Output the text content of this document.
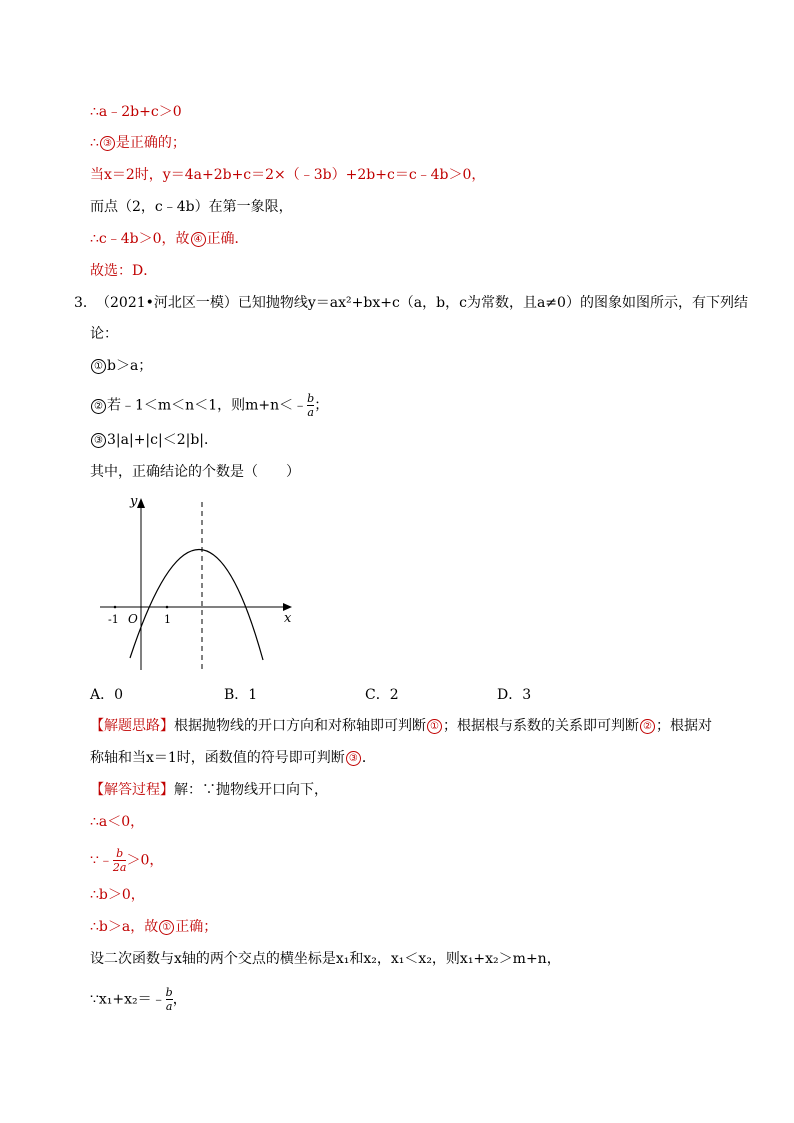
∴a﹣2b+c＞0
∴ ③ 是正确的；
当x＝2时，y＝4a+2b+c＝2×（﹣3b）+2b+c＝c﹣4b＞0，
而点（2，c﹣4b）在第一象限，
∴c﹣4b＞0，故 ④ 正确．
故选：D．
3． （2021•河北区一模）已知抛物线y＝ax²+bx+c（a，b，c为常数，且a≠0）的图象如图所示，有下列结
论：
① b＞a；
② 若﹣1＜m＜n＜1，则m+n＜﹣ $\frac{b}{a}$ ；
③ 3|a|+|c|＜2|b|．
其中，正确结论的个数是（　　）
y
x
O
-1	1
A．0	B．1	C．2	D．3
【解题思路】根据抛物线的开口方向和对称轴即可判断 ① ；根据根与系数的关系即可判断 ② ；根据对
称轴和当x＝1时，函数值的符号即可判断 ③ ．
【解答过程】解：∵抛物线开口向下，
∴a＜0，
∵﹣ $\frac{b}{2a} >0$，
∴b＞0，
∴b＞a，故 ① 正确；
设二次函数与x轴的两个交点的横坐标是x₁和x₂，x₁＜x₂，则x₁+x₂＞m+n，
∵x₁+x₂＝﹣ $\frac{b}{a}$ ，
